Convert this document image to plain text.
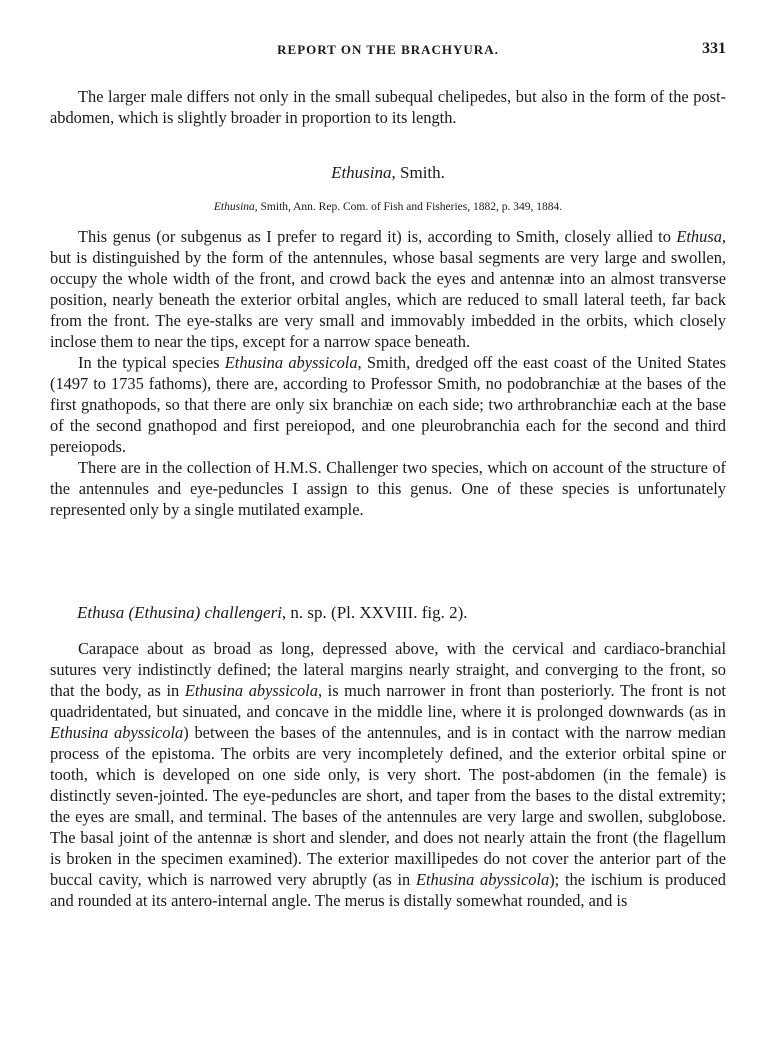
REPORT ON THE BRACHYURA.	331

The larger male differs not only in the small subequal chelipedes, but also in the form of the post-abdomen, which is slightly broader in proportion to its length.

Ethusina, Smith.
Ethusina, Smith, Ann. Rep. Com. of Fish and Fisheries, 1882, p. 349, 1884.

This genus (or subgenus as I prefer to regard it) is, according to Smith, closely allied to Ethusa, but is distinguished by the form of the antennules, whose basal segments are very large and swollen, occupy the whole width of the front, and crowd back the eyes and antennæ into an almost transverse position, nearly beneath the exterior orbital angles, which are reduced to small lateral teeth, far back from the front. The eye-stalks are very small and immovably imbedded in the orbits, which closely inclose them to near the tips, except for a narrow space beneath.

In the typical species Ethusina abyssicola, Smith, dredged off the east coast of the United States (1497 to 1735 fathoms), there are, according to Professor Smith, no podobranchiæ at the bases of the first gnathopods, so that there are only six branchiæ on each side; two arthrobranchiæ each at the base of the second gnathopod and first pereiopod, and one pleurobranchia each for the second and third pereiopods.

There are in the collection of H.M.S. Challenger two species, which on account of the structure of the antennules and eye-peduncles I assign to this genus. One of these species is unfortunately represented only by a single mutilated example.

Ethusa (Ethusina) challengeri, n. sp. (Pl. XXVIII. fig. 2).

Carapace about as broad as long, depressed above, with the cervical and cardiaco-branchial sutures very indistinctly defined; the lateral margins nearly straight, and converging to the front, so that the body, as in Ethusina abyssicola, is much narrower in front than posteriorly. The front is not quadridentated, but sinuated, and concave in the middle line, where it is prolonged downwards (as in Ethusina abyssicola) between the bases of the antennules, and is in contact with the narrow median process of the epistoma. The orbits are very incompletely defined, and the exterior orbital spine or tooth, which is developed on one side only, is very short. The post-abdomen (in the female) is distinctly seven-jointed. The eye-peduncles are short, and taper from the bases to the distal extremity; the eyes are small, and terminal. The bases of the antennules are very large and swollen, subglobose. The basal joint of the antennæ is short and slender, and does not nearly attain the front (the flagellum is broken in the specimen examined). The exterior maxillipedes do not cover the anterior part of the buccal cavity, which is narrowed very abruptly (as in Ethusina abyssicola); the ischium is produced and rounded at its antero-internal angle. The merus is distally somewhat rounded, and is
